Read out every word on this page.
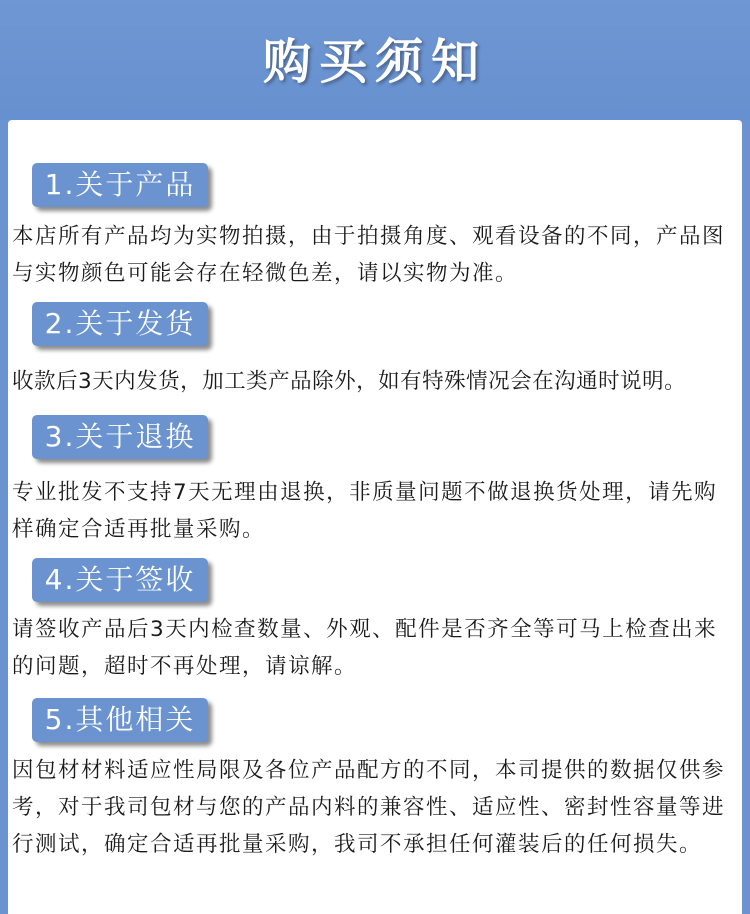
购买须知
1.关于产品

本店所有产品均为实物拍摄，由于拍摄角度、观看设备的不同，产品图与实物颜色可能会存在轻微色差，请以实物为准。

2.关于发货

收款后3天内发货，加工类产品除外，如有特殊情况会在沟通时说明。

3.关于退换

专业批发不支持7天无理由退换，非质量问题不做退换货处理，请先购样确定合适再批量采购。

4.关于签收

请签收产品后3天内检查数量、外观、配件是否齐全等可马上检查出来的问题，超时不再处理，请谅解。

5.其他相关

因包材材料适应性局限及各位产品配方的不同，本司提供的数据仅供参考，对于我司包材与您的产品内料的兼容性、适应性、密封性容量等进行测试，确定合适再批量采购，我司不承担任何灌装后的任何损失。
